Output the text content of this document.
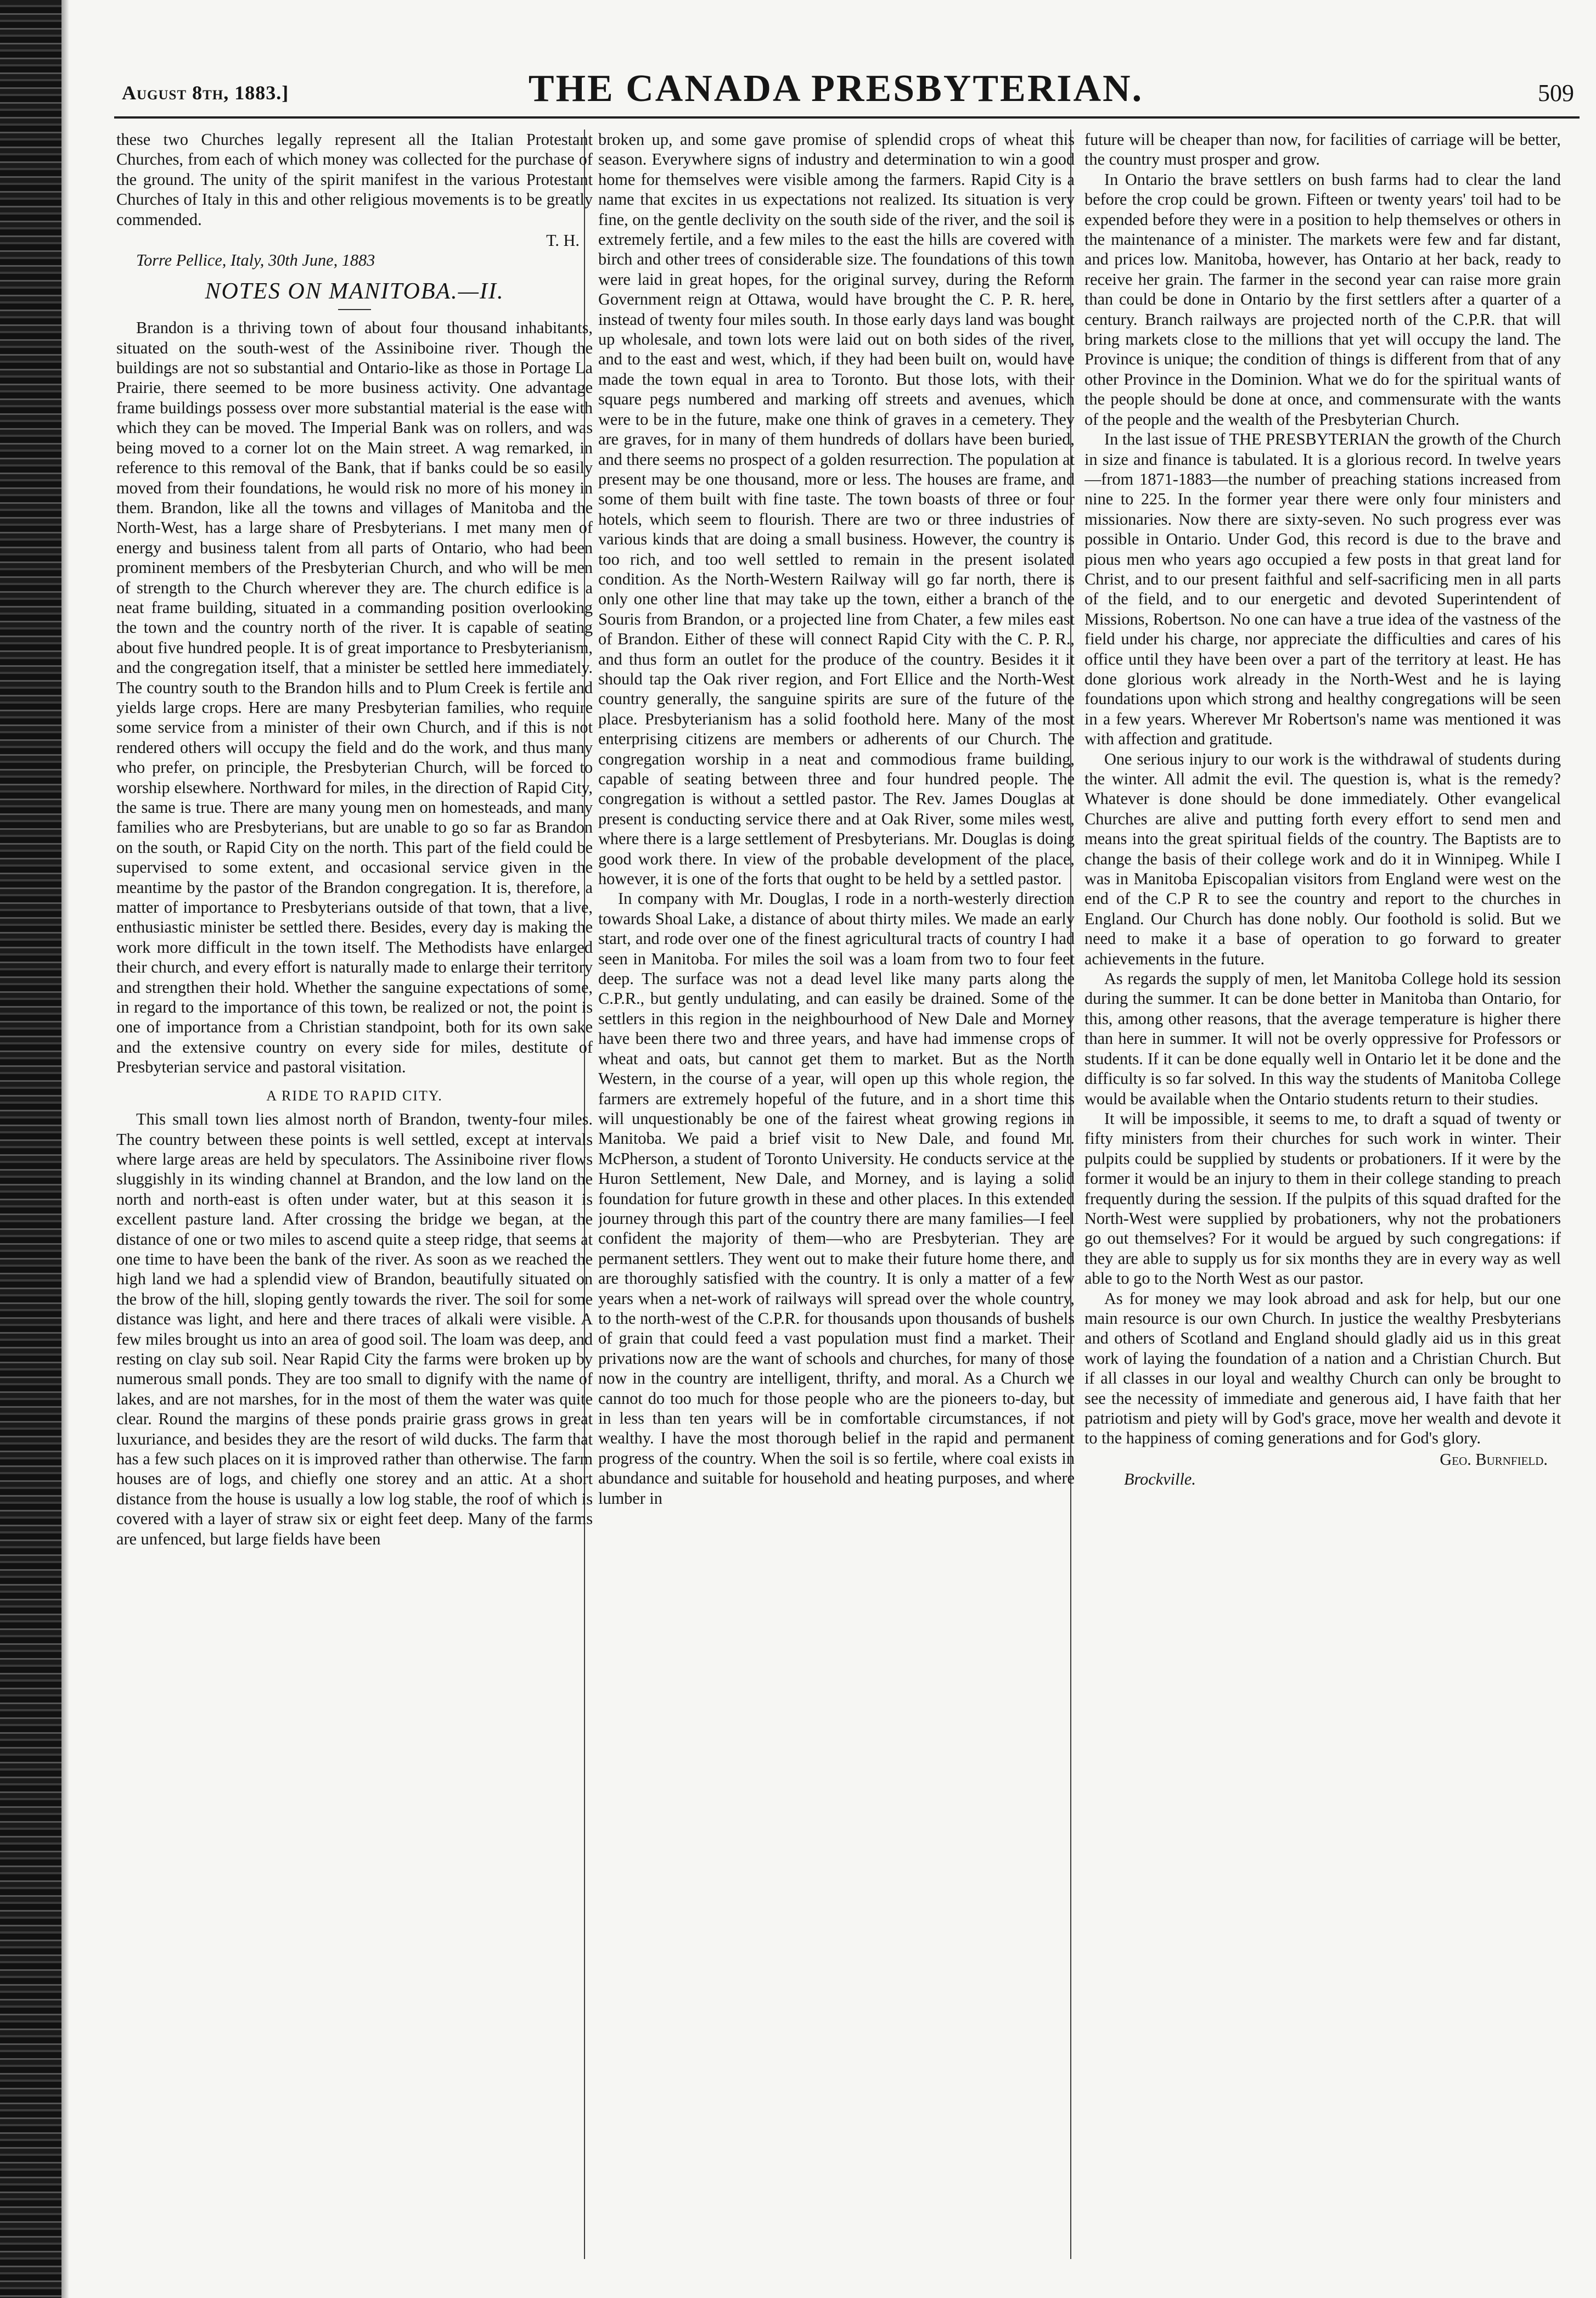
August 8th, 1883.]	THE CANADA PRESBYTERIAN.	509

these two Churches legally represent all the Italian Protestant Churches, from each of which money was collected for the purchase of the ground. The unity of the spirit manifest in the various Protestant Churches of Italy in this and other religious movements is to be greatly commended.

T. H.

Torre Pellice, Italy, 30th June, 1883

NOTES ON MANITOBA.—II.

Brandon is a thriving town of about four thousand inhabitants, situated on the south-west of the Assiniboine river. Though the buildings are not so substantial and Ontario-like as those in Portage La Prairie, there seemed to be more business activity. One advantage frame buildings possess over more substantial material is the ease with which they can be moved. The Imperial Bank was on rollers, and was being moved to a corner lot on the Main street. A wag remarked, in reference to this removal of the Bank, that if banks could be so easily moved from their foundations, he would risk no more of his money in them. Brandon, like all the towns and villages of Manitoba and the North-West, has a large share of Presbyterians. I met many men of energy and business talent from all parts of Ontario, who had been prominent members of the Presbyterian Church, and who will be men of strength to the Church wherever they are. The church edifice is a neat frame building, situated in a commanding position overlooking the town and the country north of the river. It is capable of seating about five hundred people. It is of great importance to Presbyterianism, and the congregation itself, that a minister be settled here immediately. The country south to the Brandon hills and to Plum Creek is fertile and yields large crops. Here are many Presbyterian families, who require some service from a minister of their own Church, and if this is not rendered others will occupy the field and do the work, and thus many who prefer, on principle, the Presbyterian Church, will be forced to worship elsewhere. Northward for miles, in the direction of Rapid City, the same is true. There are many young men on homesteads, and many families who are Presbyterians, but are unable to go so far as Brandon on the south, or Rapid City on the north. This part of the field could be supervised to some extent, and occasional service given in the meantime by the pastor of the Brandon congregation. It is, therefore, a matter of importance to Presbyterians outside of that town, that a live, enthusiastic minister be settled there. Besides, every day is making the work more difficult in the town itself. The Methodists have enlarged their church, and every effort is naturally made to enlarge their territory and strengthen their hold. Whether the sanguine expectations of some, in regard to the importance of this town, be realized or not, the point is one of importance from a Christian standpoint, both for its own sake and the extensive country on every side for miles, destitute of Presbyterian service and pastoral visitation.

A RIDE TO RAPID CITY.

This small town lies almost north of Brandon, twenty-four miles. The country between these points is well settled, except at intervals where large areas are held by speculators. The Assiniboine river flows sluggishly in its winding channel at Brandon, and the low land on the north and north-east is often under water, but at this season it is excellent pasture land. After crossing the bridge we began, at the distance of one or two miles to ascend quite a steep ridge, that seems at one time to have been the bank of the river. As soon as we reached the high land we had a splendid view of Brandon, beautifully situated on the brow of the hill, sloping gently towards the river. The soil for some distance was light, and here and there traces of alkali were visible. A few miles brought us into an area of good soil. The loam was deep, and resting on clay sub soil. Near Rapid City the farms were broken up by numerous small ponds. They are too small to dignify with the name of lakes, and are not marshes, for in the most of them the water was quite clear. Round the margins of these ponds prairie grass grows in great luxuriance, and besides they are the resort of wild ducks. The farm that has a few such places on it is improved rather than otherwise. The farm houses are of logs, and chiefly one storey and an attic. At a short distance from the house is usually a low log stable, the roof of which is covered with a layer of straw six or eight feet deep. Many of the farms are unfenced, but large fields have been

broken up, and some gave promise of splendid crops of wheat this season. Everywhere signs of industry and determination to win a good home for themselves were visible among the farmers. Rapid City is a name that excites in us expectations not realized. Its situation is very fine, on the gentle declivity on the south side of the river, and the soil is extremely fertile, and a few miles to the east the hills are covered with birch and other trees of considerable size. The foundations of this town were laid in great hopes, for the original survey, during the Reform Government reign at Ottawa, would have brought the C. P. R. here, instead of twenty four miles south. In those early days land was bought up wholesale, and town lots were laid out on both sides of the river, and to the east and west, which, if they had been built on, would have made the town equal in area to Toronto. But those lots, with their square pegs numbered and marking off streets and avenues, which were to be in the future, make one think of graves in a cemetery. They are graves, for in many of them hundreds of dollars have been buried, and there seems no prospect of a golden resurrection. The population at present may be one thousand, more or less. The houses are frame, and some of them built with fine taste. The town boasts of three or four hotels, which seem to flourish. There are two or three industries of various kinds that are doing a small business. However, the country is too rich, and too well settled to remain in the present isolated condition. As the North-Western Railway will go far north, there is only one other line that may take up the town, either a branch of the Souris from Brandon, or a projected line from Chater, a few miles east of Brandon. Either of these will connect Rapid City with the C. P. R., and thus form an outlet for the produce of the country. Besides it it should tap the Oak river region, and Fort Ellice and the North-West country generally, the sanguine spirits are sure of the future of the place. Presbyterianism has a solid foothold here. Many of the most enterprising citizens are members or adherents of our Church. The congregation worship in a neat and commodious frame building, capable of seating between three and four hundred people. The congregation is without a settled pastor. The Rev. James Douglas at present is conducting service there and at Oak River, some miles west, where there is a large settlement of Presbyterians. Mr. Douglas is doing good work there. In view of the probable development of the place, however, it is one of the forts that ought to be held by a settled pastor.

In company with Mr. Douglas, I rode in a north-westerly direction towards Shoal Lake, a distance of about thirty miles. We made an early start, and rode over one of the finest agricultural tracts of country I had seen in Manitoba. For miles the soil was a loam from two to four feet deep. The surface was not a dead level like many parts along the C.P.R., but gently undulating, and can easily be drained. Some of the settlers in this region in the neighbourhood of New Dale and Morney have been there two and three years, and have had immense crops of wheat and oats, but cannot get them to market. But as the North Western, in the course of a year, will open up this whole region, the farmers are extremely hopeful of the future, and in a short time this will unquestionably be one of the fairest wheat growing regions in Manitoba. We paid a brief visit to New Dale, and found Mr. McPherson, a student of Toronto University. He conducts service at the Huron Settlement, New Dale, and Morney, and is laying a solid foundation for future growth in these and other places. In this extended journey through this part of the country there are many families—I feel confident the majority of them—who are Presbyterian. They are permanent settlers. They went out to make their future home there, and are thoroughly satisfied with the country. It is only a matter of a few years when a net-work of railways will spread over the whole country, to the north-west of the C.P.R. for thousands upon thousands of bushels of grain that could feed a vast population must find a market. Their privations now are the want of schools and churches, for many of those now in the country are intelligent, thrifty, and moral. As a Church we cannot do too much for those people who are the pioneers to-day, but in less than ten years will be in comfortable circumstances, if not wealthy. I have the most thorough belief in the rapid and permanent progress of the country. When the soil is so fertile, where coal exists in abundance and suitable for household and heating purposes, and where lumber in

future will be cheaper than now, for facilities of carriage will be better, the country must prosper and grow.

In Ontario the brave settlers on bush farms had to clear the land before the crop could be grown. Fifteen or twenty years' toil had to be expended before they were in a position to help themselves or others in the maintenance of a minister. The markets were few and far distant, and prices low. Manitoba, however, has Ontario at her back, ready to receive her grain. The farmer in the second year can raise more grain than could be done in Ontario by the first settlers after a quarter of a century. Branch railways are projected north of the C.P.R. that will bring markets close to the millions that yet will occupy the land. The Province is unique; the condition of things is different from that of any other Province in the Dominion. What we do for the spiritual wants of the people should be done at once, and commensurate with the wants of the people and the wealth of the Presbyterian Church.

In the last issue of THE PRESBYTERIAN the growth of the Church in size and finance is tabulated. It is a glorious record. In twelve years—from 1871-1883—the number of preaching stations increased from nine to 225. In the former year there were only four ministers and missionaries. Now there are sixty-seven. No such progress ever was possible in Ontario. Under God, this record is due to the brave and pious men who years ago occupied a few posts in that great land for Christ, and to our present faithful and self-sacrificing men in all parts of the field, and to our energetic and devoted Superintendent of Missions, Robertson. No one can have a true idea of the vastness of the field under his charge, nor appreciate the difficulties and cares of his office until they have been over a part of the territory at least. He has done glorious work already in the North-West and he is laying foundations upon which strong and healthy congregations will be seen in a few years. Wherever Mr Robertson's name was mentioned it was with affection and gratitude.

One serious injury to our work is the withdrawal of students during the winter. All admit the evil. The question is, what is the remedy? Whatever is done should be done immediately. Other evangelical Churches are alive and putting forth every effort to send men and means into the great spiritual fields of the country. The Baptists are to change the basis of their college work and do it in Winnipeg. While I was in Manitoba Episcopalian visitors from England were west on the end of the C.P R to see the country and report to the churches in England. Our Church has done nobly. Our foothold is solid. But we need to make it a base of operation to go forward to greater achievements in the future.

As regards the supply of men, let Manitoba College hold its session during the summer. It can be done better in Manitoba than Ontario, for this, among other reasons, that the average temperature is higher there than here in summer. It will not be overly oppressive for Professors or students. If it can be done equally well in Ontario let it be done and the difficulty is so far solved. In this way the students of Manitoba College would be available when the Ontario students return to their studies.

It will be impossible, it seems to me, to draft a squad of twenty or fifty ministers from their churches for such work in winter. Their pulpits could be supplied by students or probationers. If it were by the former it would be an injury to them in their college standing to preach frequently during the session. If the pulpits of this squad drafted for the North-West were supplied by probationers, why not the probationers go out themselves? For it would be argued by such congregations: if they are able to supply us for six months they are in every way as well able to go to the North West as our pastor.

As for money we may look abroad and ask for help, but our one main resource is our own Church. In justice the wealthy Presbyterians and others of Scotland and England should gladly aid us in this great work of laying the foundation of a nation and a Christian Church. But if all classes in our loyal and wealthy Church can only be brought to see the necessity of immediate and generous aid, I have faith that her patriotism and piety will by God's grace, move her wealth and devote it to the happiness of coming generations and for God's glory.

Geo. Burnfield.

Brockville.
